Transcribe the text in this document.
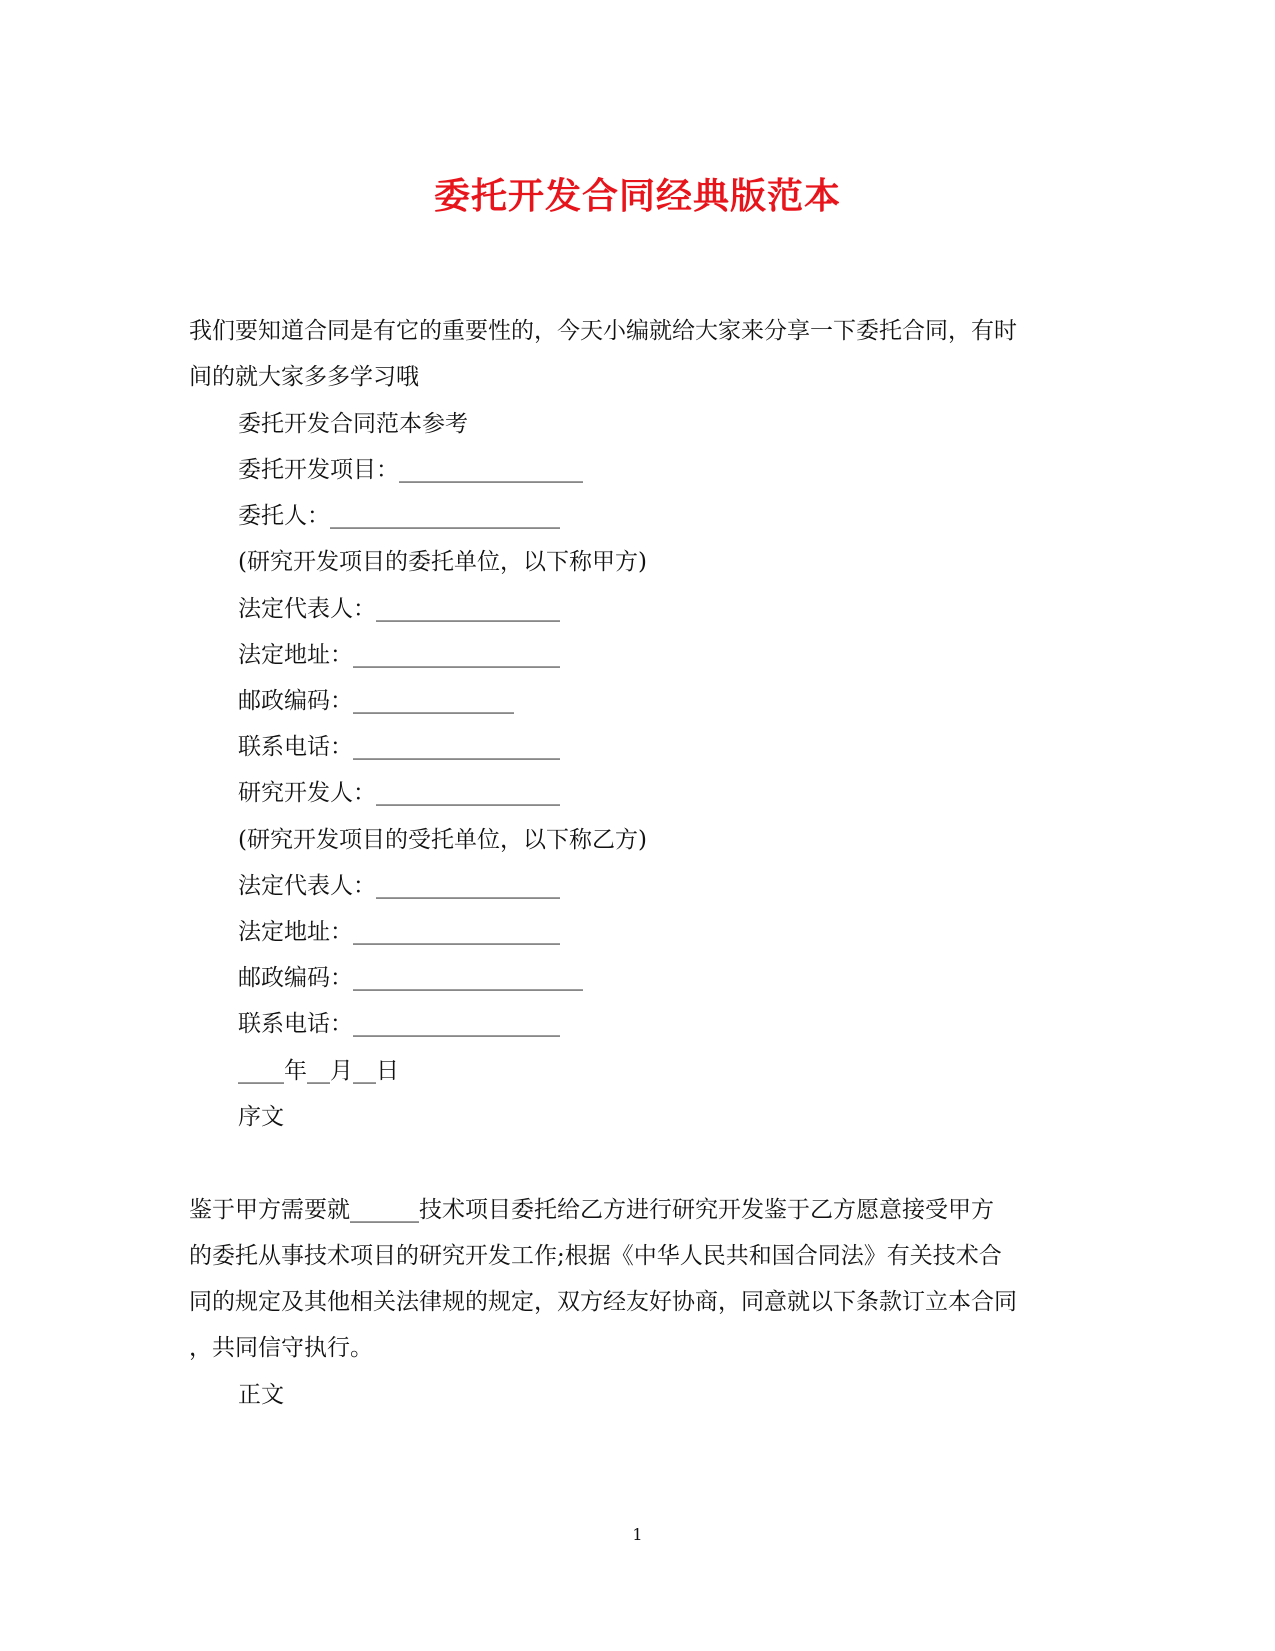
委托开发合同经典版范本
我们要知道合同是有它的重要性的，今天小编就给大家来分享一下委托合同，有时
间的就大家多多学习哦
委托开发合同范本参考
委托开发项目：________________
委托人：____________________
(研究开发项目的委托单位，以下称甲方)
法定代表人：________________
法定地址：__________________
邮政编码：______________
联系电话：__________________
研究开发人：________________
(研究开发项目的受托单位，以下称乙方)
法定代表人：________________
法定地址：__________________
邮政编码：____________________
联系电话：__________________
____年__月__日
序文
鉴于甲方需要就______技术项目委托给乙方进行研究开发鉴于乙方愿意接受甲方
的委托从事技术项目的研究开发工作;根据《中华人民共和国合同法》有关技术合
同的规定及其他相关法律规的规定，双方经友好协商，同意就以下条款订立本合同
，共同信守执行。
正文
1
